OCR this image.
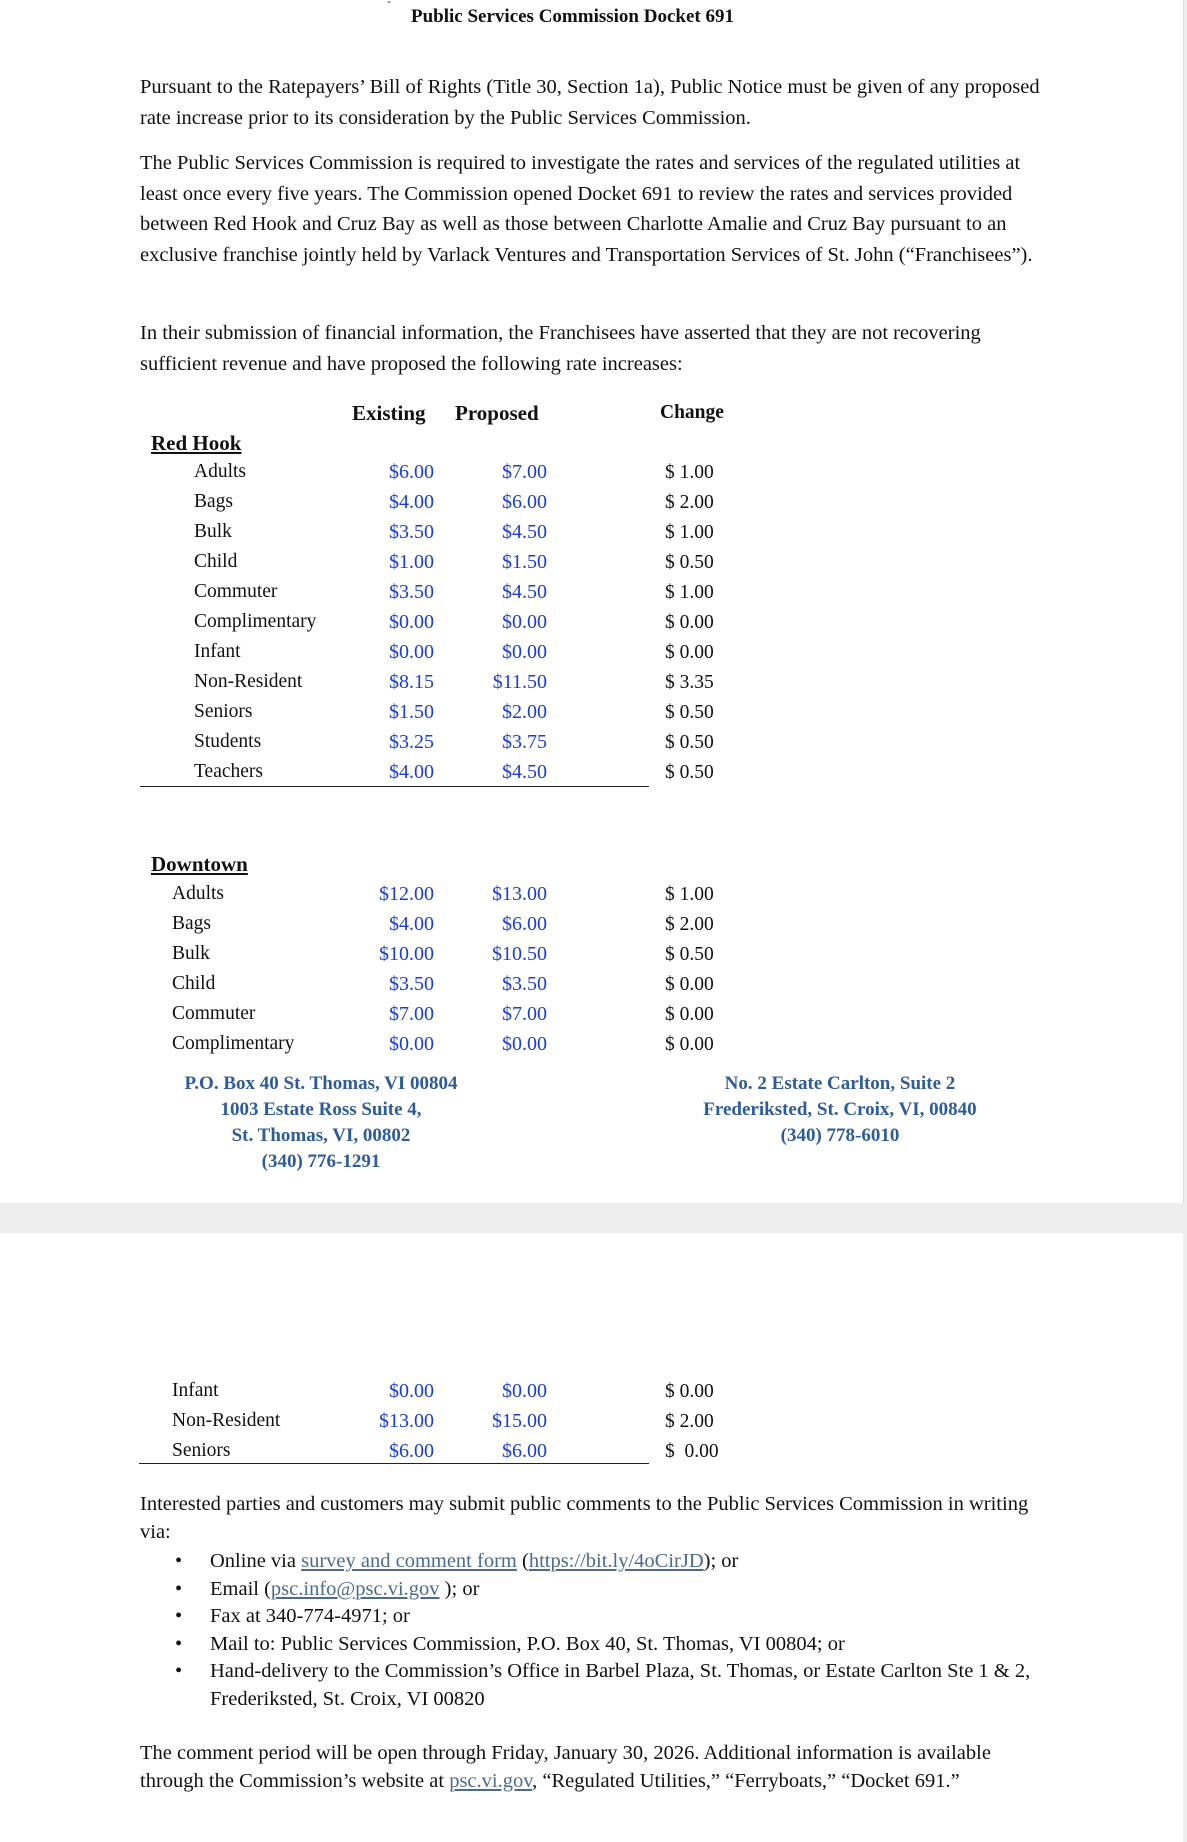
-
Public Services Commission Docket 691
Pursuant to the Ratepayers’ Bill of Rights (Title 30, Section 1a), Public Notice must be given of any proposed rate increase prior to its consideration by the Public Services Commission.
The Public Services Commission is required to investigate the rates and services of the regulated utilities at least once every five years. The Commission opened Docket 691 to review the rates and services provided between Red Hook and Cruz Bay as well as those between Charlotte Amalie and Cruz Bay pursuant to an exclusive franchise jointly held by Varlack Ventures and Transportation Services of St. John (“Franchisees”).
In their submission of financial information, the Franchisees have asserted that they are not recovering sufficient revenue and have proposed the following rate increases:
Existing Proposed	Change
Red Hook
Downtown
Adults	$6.00	$7.00	$ 1.00
Bags	$4.00	$6.00	$ 2.00
Bulk	$3.50	$4.50	$ 1.00
Child	$1.00	$1.50	$ 0.50
Commuter	$3.50	$4.50	$ 1.00
Complimentary	$0.00	$0.00	$ 0.00
Infant	$0.00	$0.00	$ 0.00
Non-Resident	$8.15	$11.50	$ 3.35
Seniors	$1.50	$2.00	$ 0.50
Students	$3.25	$3.75	$ 0.50
Teachers	$4.00	$4.50	$ 0.50
Adults	$12.00	$13.00	$ 1.00
Bags	$4.00	$6.00	$ 2.00
Bulk	$10.00	$10.50	$ 0.50
Child	$3.50	$3.50	$ 0.00
Commuter	$7.00	$7.00	$ 0.00
Complimentary	$0.00	$0.00	$ 0.00
Infant	$0.00	$0.00	$ 0.00
Non-Resident	$13.00	$15.00	$ 2.00
Seniors	$6.00	$6.00	$  0.00
P.O. Box 40 St. Thomas, VI 00804
1003 Estate Ross Suite 4,
St. Thomas, VI, 00802
(340) 776-1291
No. 2 Estate Carlton, Suite 2
Frederiksted, St. Croix, VI, 00840
(340) 778-6010
Interested parties and customers may submit public comments to the Public Services Commission in writing via:
• Online via survey and comment form (https://bit.ly/4oCirJD); or
• Email (psc.info@psc.vi.gov ); or
• Fax at 340-774-4971; or
• Mail to: Public Services Commission, P.O. Box 40, St. Thomas, VI 00804; or
• Hand-delivery to the Commission’s Office in Barbel Plaza, St. Thomas, or Estate Carlton Ste 1 & 2, Frederiksted, St. Croix, VI 00820
The comment period will be open through Friday, January 30, 2026. Additional information is available through the Commission’s website at psc.vi.gov, “Regulated Utilities,” “Ferryboats,” “Docket 691.”
